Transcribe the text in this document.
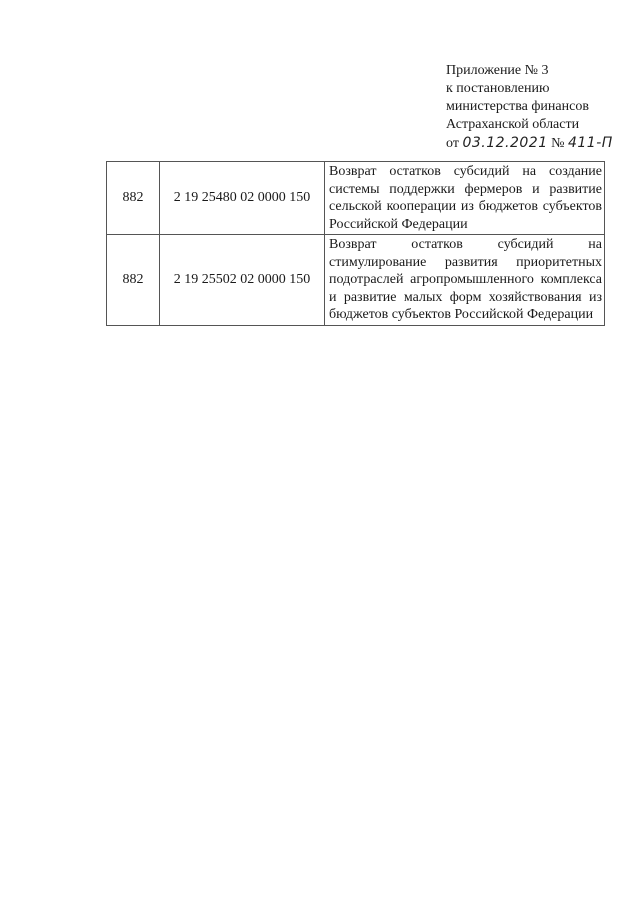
Приложение № 3
к постановлению
министерства финансов
Астраханской области
от 03.12.2021 № 411-П
882	2 19 25480 02 0000 150	Возврат остатков субсидий на создание системы поддержки фермеров и развитие сельской кооперации из бюджетов субъектов Российской Федерации
882	2 19 25502 02 0000 150	Возврат остатков субсидий на стимулирование развития приоритетных подотраслей агропромышленного комплекса и развитие малых форм хозяйствования из бюджетов субъектов Российской Федерации
